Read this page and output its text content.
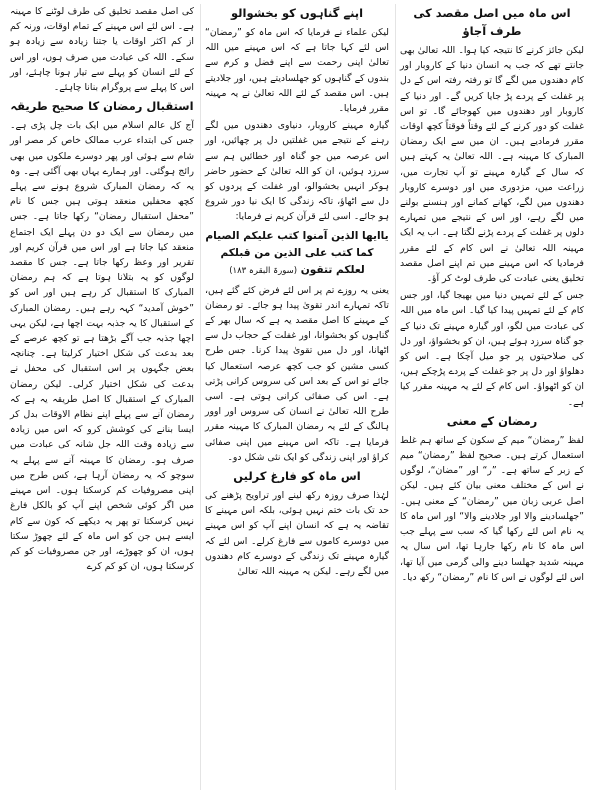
اس ماہ میں اصل مقصد کی طرف آجاؤ

لیکن جائز کرنے کا نتیجہ کیا ہوا۔ اللہ تعالیٰ بھی جانتے تھے کہ جب یہ انسان دنیا کے کاروبار اور کام دھندوں میں لگے گا تو رفتہ رفتہ اس کے دل پر غفلت کے پردے پڑ جایا کریں گے۔ اور دنیا کے کاروبار اور دھندوں میں کھوجائے گا۔ تو اس غفلت کو دور کرنے کے لئے وقتاً فوقتاً کچھ اوقات مقرر فرمادیے ہیں۔ ان میں سے ایک رمضان المبارک کا مہینہ ہے۔ اللہ تعالیٰ یہ کہتے ہیں کہ سال کے گیارہ مہینے تو آپ تجارت میں، زراعت میں، مزدوری میں اور دوسرے کاروبار دھندوں میں لگے، کھانے کمانے اور ہنسنے بولنے میں لگے رہے، اور اس کے نتیجے میں تمہارے دلوں پر غفلت کے پردے پڑنے لگتا ہے۔ اب یہ ایک مہینہ اللہ تعالیٰ نے اس کام کے لئے مقرر فرمادیا کہ اس مہینے میں تم اپنے اصل مقصد تخلیق یعنی عبادت کی طرف لوٹ کر آؤ۔

جس کے لئے تمہیں دنیا میں بھیجا گیا، اور جس کام کے لئے تمہیں پیدا کیا گیا۔ اس ماہ میں اللہ کی عبادت میں لگو، اور گیارہ مہینے تک دنیا کے جو گناہ سرزد ہوئے ہیں، ان کو بخشواؤ، اور دل کی صلاحیتوں پر جو میل آچکا ہے۔ اس کو دھلواؤ اور دل پر جو غفلت کے پردے پڑچکے ہیں، ان کو اٹھواؤ۔ اس کام کے لئے یہ مہینہ مقرر کیا ہے۔

رمضان کے معنی

لفظ ”رمضان“ میم کے سکون کے ساتھ ہم غلط استعمال کرتے ہیں۔ صحیح لفظ ”رمضان“ میم کے زبر کے ساتھ ہے۔ ”ر“ اور ”مضان“، لوگوں نے اس کے مختلف معنی بیان کئے ہیں۔ لیکن اصل عربی زبان میں ”رمضان“ کے معنی ہیں۔ ”جھلسادینے والا اور جلادینے والا“ اور اس ماہ کا یہ نام اس لئے رکھا گیا کہ سب سے پہلے جب اس ماہ کا نام رکھا جارہا تھا، اس سال یہ مہینہ شدید جھلسا دینے والی گرمی میں آیا تھا، اس لئے لوگوں نے اس کا نام ”رمضان“ رکھ دیا۔

اپنے گناہوں کو بخشوالو

لیکن علماء نے فرمایا کہ اس ماہ کو ”رمضان“ اس لئے کہا جاتا ہے کہ اس مہینے میں اللہ تعالیٰ اپنی رحمت سے اپنے فضل و کرم سے بندوں کے گناہوں کو جھلسادیتے ہیں، اور جلادیتے ہیں۔ اس مقصد کے لئے اللہ تعالیٰ نے یہ مہینہ مقرر فرمایا۔

گیارہ مہینے کاروبار، دنیاوی دھندوں میں لگے رہنے کے نتیجے میں غفلتیں دل پر چھائیں، اور اس عرصہ میں جو گناہ اور خطائیں ہم سے سرزد ہوئیں، ان کو اللہ تعالیٰ کے حضور حاضر ہوکر انہیں بخشوالو، اور غفلت کے پردوں کو دل سے اٹھاؤ، تاکہ زندگی کا ایک نیا دور شروع ہو جائے۔ اسی لئے قرآن کریم نے فرمایا:

یاایھا الذین آمنوا کتب علیکم الصیام کما کتب علی الذین من قبلکم لعلکم تتقون (سورۃ البقرہ ۱۸۳)

یعنی یہ روزے تم پر اس لئے فرض کئے گئے ہیں، تاکہ تمہارے اندر تقویٰ پیدا ہو جائے۔ تو رمضان کے مہینے کا اصل مقصد یہ ہے کہ سال بھر کے گناہوں کو بخشوانا، اور غفلت کے حجاب دل سے اٹھانا، اور دل میں تقویٰ پیدا کرنا۔ جس طرح کسی مشین کو جب کچھ عرصہ استعمال کیا جائے تو اس کے بعد اس کی سروس کرانی پڑتی ہے۔ اس کی صفائی کرانی ہوتی ہے۔ اسی طرح اللہ تعالیٰ نے انسان کی سروس اور اوور ہالنگ کے لئے یہ رمضان المبارک کا مہینہ مقرر فرمایا ہے۔ تاکہ اس مہینے میں اپنی صفائی کراؤ اور اپنی زندگی کو ایک نئی شکل دو۔

اس ماہ کو فارغ کرلیں

لہٰذا صرف روزہ رکھ لینے اور تراویح پڑھنے کی حد تک بات ختم نہیں ہوئی، بلکہ اس مہینے کا تقاضہ یہ ہے کہ انسان اپنے آپ کو اس مہینے میں دوسرے کاموں سے فارغ کرلے۔ اس لئے کہ گیارہ مہینے تک زندگی کے دوسرے کام دھندوں میں لگے رہے۔ لیکن یہ مہینہ اللہ تعالیٰ

کی اصل مقصد تخلیق کی طرف لوٹنے کا مہینہ ہے۔ اس لئے اس مہینے کے تمام اوقات، ورنہ کم از کم اکثر اوقات یا جتنا زیادہ سے زیادہ ہو سکے۔ اللہ کی عبادت میں صرف ہوں، اور اس کے لئے انسان کو پہلے سے تیار ہونا چاہئے، اور اس کا پہلے سے پروگرام بنانا چاہئے۔

استقبال رمضان کا صحیح طریقہ

آج کل عالم اسلام میں ایک بات چل پڑی ہے۔ جس کی ابتداء عرب ممالک خاص کر مصر اور شام سے ہوئی اور پھر دوسرے ملکوں میں بھی رائج ہوگئی۔ اور ہمارے یہاں بھی آگئی ہے۔ وہ یہ کہ رمضان المبارک شروع ہونے سے پہلے کچھ محفلیں منعقد ہوتی ہیں جس کا نام ”محفل استقبال رمضان“ رکھا جاتا ہے۔ جس میں رمضان سے ایک دو دن پہلے ایک اجتماع منعقد کیا جاتا ہے اور اس میں قرآن کریم اور تقریر اور وعظ رکھا جاتا ہے۔ جس کا مقصد لوگوں کو یہ بتلانا ہوتا ہے کہ ہم رمضان المبارک کا استقبال کر رہے ہیں اور اس کو ”خوش آمدید“ کہہ رہے ہیں۔ رمضان المبارک کے استقبال کا یہ جذبہ بہت اچھا ہے، لیکن یہی اچھا جذبہ جب آگے بڑھتا ہے تو کچھ عرصے کے بعد بدعت کی شکل اختیار کرلیتا ہے۔ چنانچہ بعض جگہوں پر اس استقبال کی محفل نے بدعت کی شکل اختیار کرلی۔ لیکن رمضان المبارک کے استقبال کا اصل طریقہ یہ ہے کہ رمضان آنے سے پہلے اپنے نظام الاوقات بدل کر ایسا بنانے کی کوشش کرو کہ اس میں زیادہ سے زیادہ وقت اللہ جل شانہ کی عبادت میں صرف ہو۔ رمضان کا مہینہ آنے سے پہلے یہ سوچو کہ یہ رمضان آرہا ہے، کس طرح میں اپنی مصروفیات کم کرسکتا ہوں۔ اس مہینے میں اگر کوئی شخص اپنے آپ کو بالکل فارغ نہیں کرسکتا تو پھر یہ دیکھے کہ کون سے کام ایسے ہیں جن کو اس ماہ کے لئے چھوڑ سکتا ہوں، ان کو چھوڑے، اور جن مصروفیات کو کم کرسکتا ہوں، ان کو کم کرے
